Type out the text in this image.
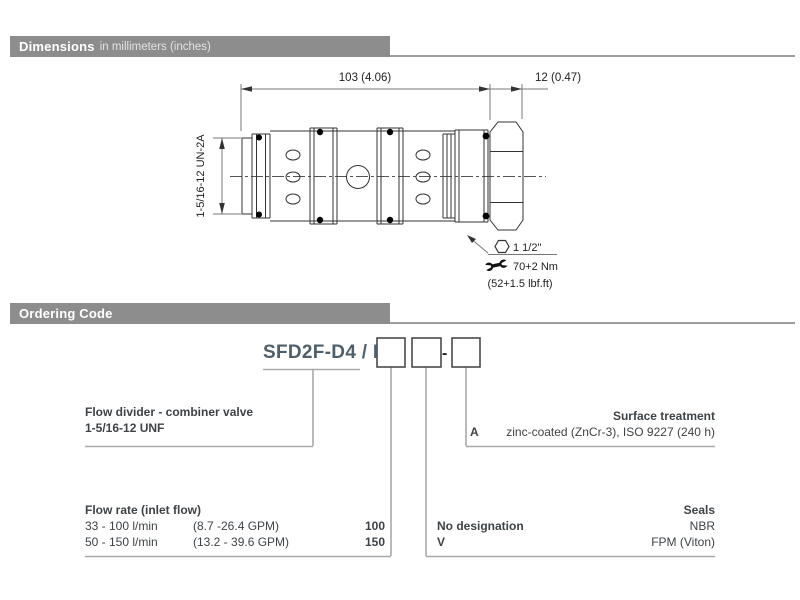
103 (4.06)	12 (0.47)
1-5/16-12 UN-2A
1 1/2"
70+2 Nm
(52+1.5 lbf.ft)
-
Dimensions in millimeters (inches)
Ordering Code
SFD2F-D4 / I
Flow divider - combiner valve
1-5/16-12 UNF
Surface treatment
A zinc-coated (ZnCr-3), ISO 9227 (240 h)
Flow rate (inlet flow)
33 - 100 l/min	(8.7 -26.4 GPM)	100
50 - 150 l/min	(13.2 - 39.6 GPM)	150
Seals
No designation	NBR
V	FPM (Viton)
